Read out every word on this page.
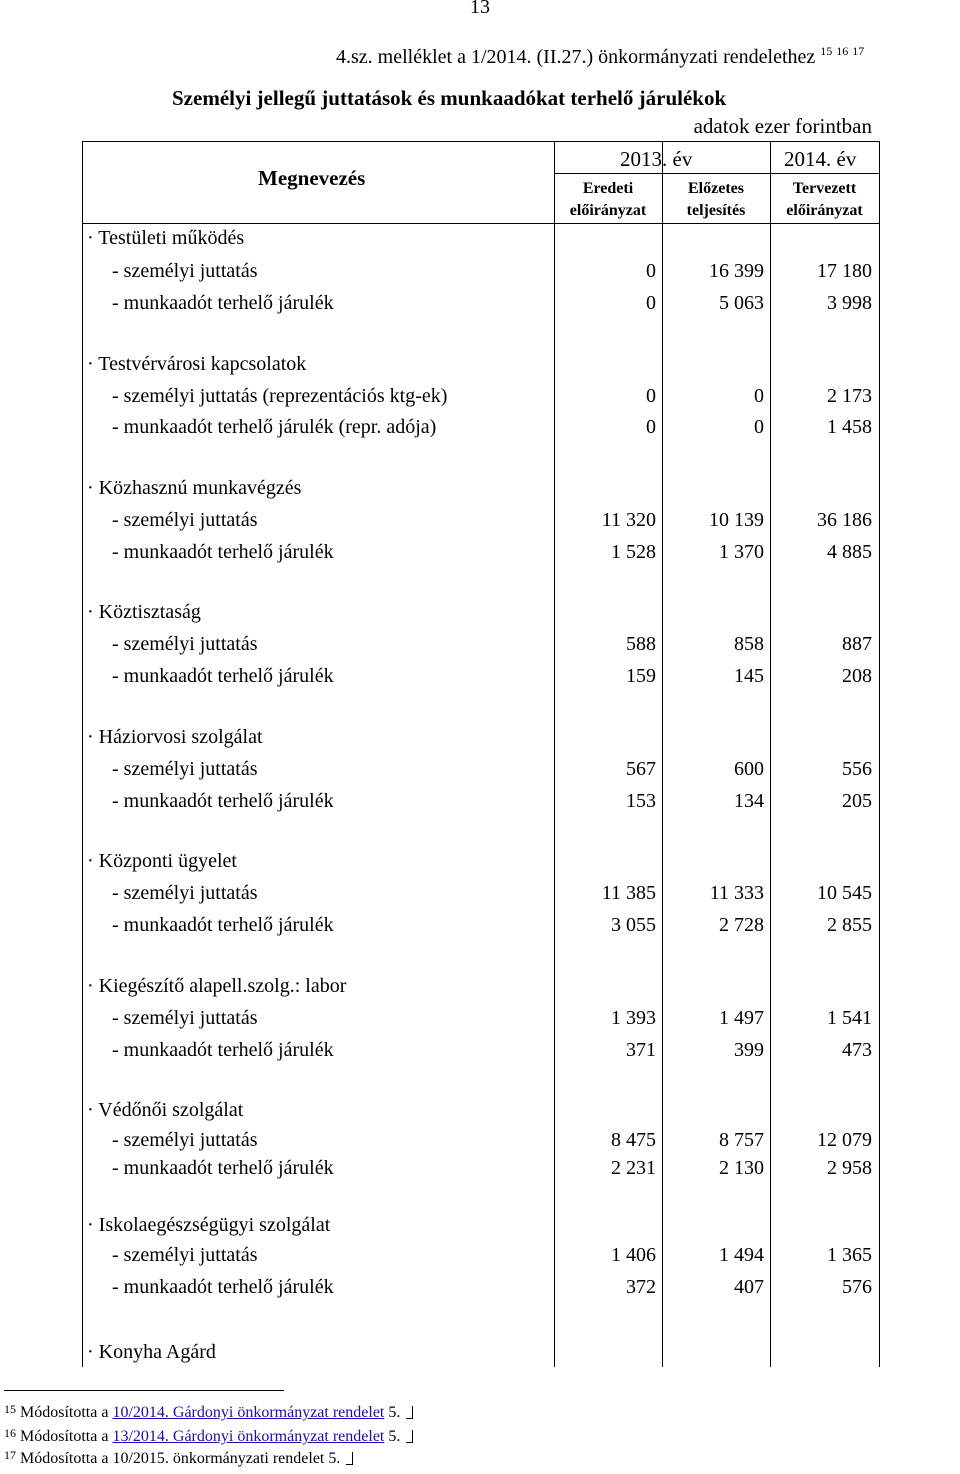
13
4.sz. melléklet a 1/2014. (II.27.) önkormányzati rendelethez $^{15}$ $^{16}$ $^{17}$
Személyi jellegű juttatások és munkaadókat terhelő járulékok
adatok ezer forintban
Megnevezés
2013. év	2014. év
Eredeti
előirányzat
Előzetes
teljesítés
Tervezett
előirányzat
· Testületi működés
- személyi juttatás	0	16 399	17 180
- munkaadót terhelő járulék	0	5 063	3 998
· Testvérvárosi kapcsolatok
- személyi juttatás (reprezentációs ktg-ek)	0	0	2 173
- munkaadót terhelő járulék (repr. adója)	0	0	1 458
· Közhasznú munkavégzés
- személyi juttatás	11 320	10 139	36 186
- munkaadót terhelő járulék	1 528	1 370	4 885
· Köztisztaság
- személyi juttatás	588	858	887
- munkaadót terhelő járulék	159	145	208
· Háziorvosi szolgálat
- személyi juttatás	567	600	556
- munkaadót terhelő járulék	153	134	205
· Központi ügyelet
- személyi juttatás	11 385	11 333	10 545
- munkaadót terhelő járulék	3 055	2 728	2 855
· Kiegészítő alapell.szolg.: labor
- személyi juttatás	1 393	1 497	1 541
- munkaadót terhelő járulék	371	399	473
· Védőnői szolgálat
- személyi juttatás	8 475	8 757	12 079
- munkaadót terhelő járulék	2 231	2 130	2 958
· Iskolaegészségügyi szolgálat
- személyi juttatás	1 406	1 494	1 365
- munkaadót terhelő járulék	372	407	576
· Konyha Agárd
$^{15}$ Módosította a 10/2014. Gárdonyi önkormányzat rendelet 5.
$^{16}$ Módosította a 13/2014. Gárdonyi önkormányzat rendelet 5.
$^{17}$ Módosította a 10/2015. önkormányzati rendelet 5.
